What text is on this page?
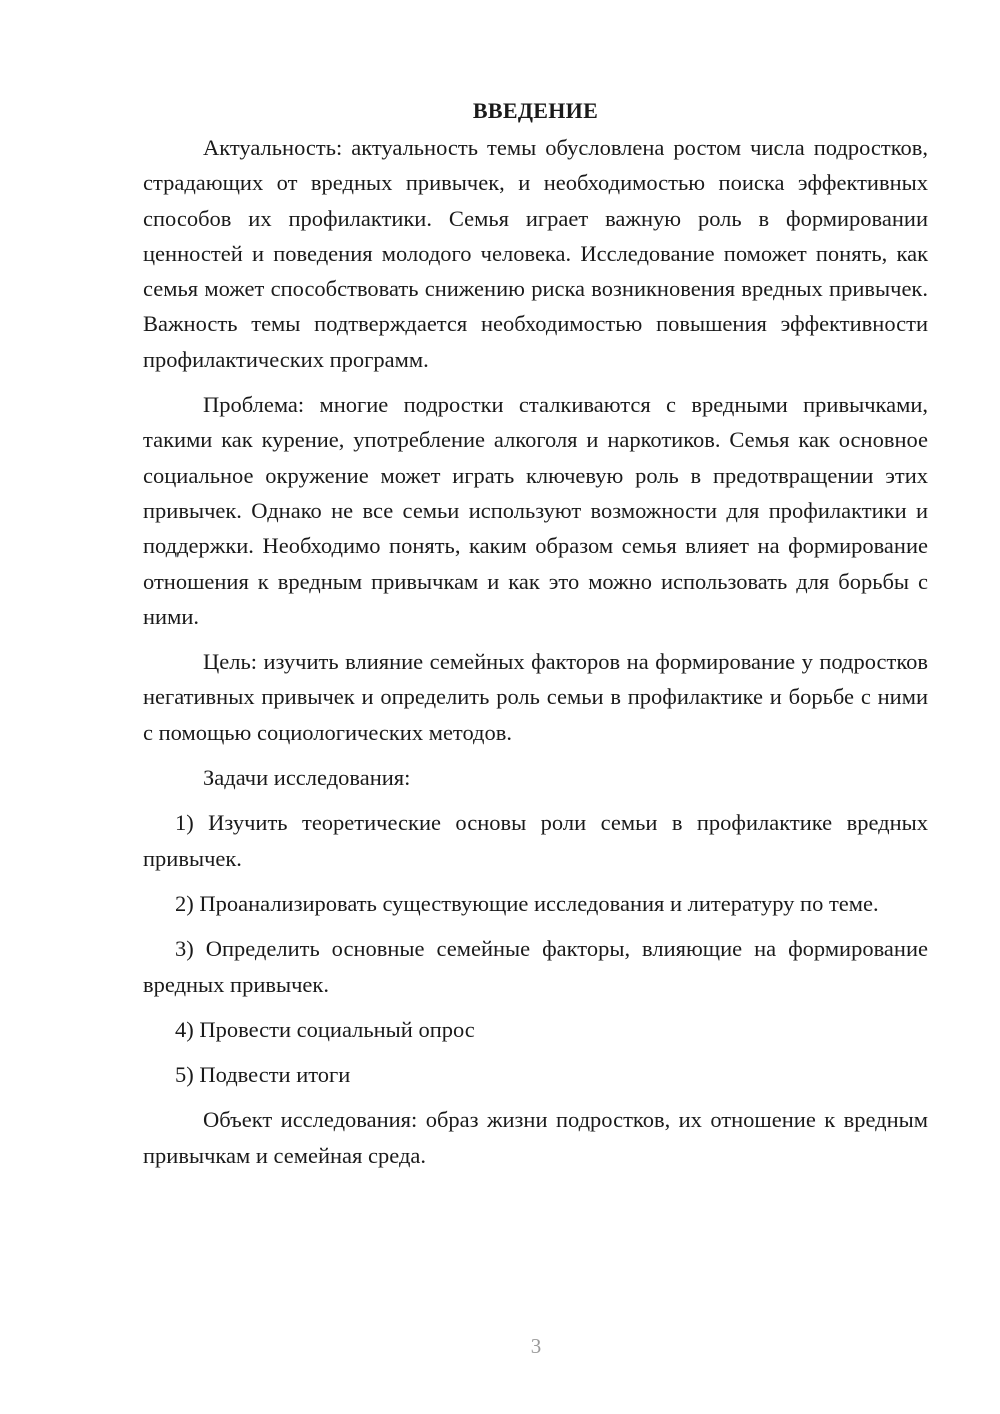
ВВЕДЕНИЕ

Актуальность: актуальность темы обусловлена ростом числа подростков, страдающих от вредных привычек, и необходимостью поиска эффективных способов их профилактики. Семья играет важную роль в формировании ценностей и поведения молодого человека. Исследование поможет понять, как семья может способствовать снижению риска возникновения вредных привычек. Важность темы подтверждается необходимостью повышения эффективности профилактических программ.

Проблема: многие подростки сталкиваются с вредными привычками, такими как курение, употребление алкоголя и наркотиков. Семья как основное социальное окружение может играть ключевую роль в предотвращении этих привычек. Однако не все семьи используют возможности для профилактики и поддержки. Необходимо понять, каким образом семья влияет на формирование отношения к вредным привычкам и как это можно использовать для борьбы с ними.

Цель: изучить влияние семейных факторов на формирование у подростков негативных привычек и определить роль семьи в профилактике и борьбе с ними с помощью социологических методов.

Задачи исследования:

1) Изучить теоретические основы роли семьи в профилактике вредных привычек.

2) Проанализировать существующие исследования и литературу по теме.

3) Определить основные семейные факторы, влияющие на формирование вредных привычек.

4) Провести социальный опрос

5) Подвести итоги

Объект исследования: образ жизни подростков, их отношение к вредным привычкам и семейная среда.

3
